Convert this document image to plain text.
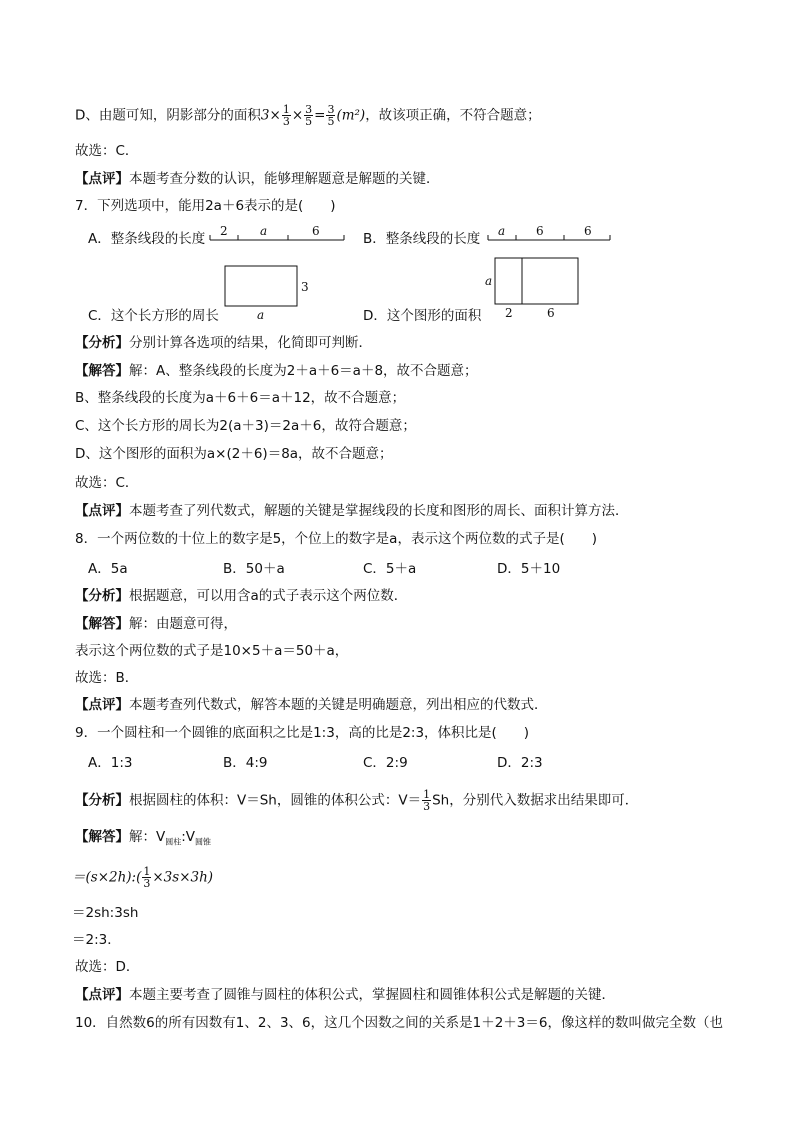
D、由题可知，阴影部分的面积$3\times \frac{1}{3} \times \frac{3}{5} = \frac{3}{5} (m^2)$，故该项正确，不符合题意；
故选：C．
【点评】本题考查分数的认识，能够理解题意是解题的关键．
7．下列选项中，能用2a＋6表示的是(　　)
A．整条线段的长度 2	a	6	B．整条线段的长度 a	6	6
3
a
C．这个长方形的周长
a
2	6
D．这个图形的面积
【分析】分别计算各选项的结果，化简即可判断．
【解答】解：A、整条线段的长度为2＋a＋6＝a＋8，故不合题意；
B、整条线段的长度为a＋6＋6＝a＋12，故不合题意；
C、这个长方形的周长为2(a＋3)＝2a＋6，故符合题意；
D、这个图形的面积为a×(2＋6)＝8a，故不合题意；
故选：C．
【点评】本题考查了列代数式，解题的关键是掌握线段的长度和图形的周长、面积计算方法．
8．一个两位数的十位上的数字是5，个位上的数字是a，表示这个两位数的式子是(　　)
A．5a	B．50＋a	C．5＋a	D．5＋10
【分析】根据题意，可以用含a的式子表示这个两位数．
【解答】解：由题意可得，
表示这个两位数的式子是10×5＋a＝50＋a，
故选：B．
【点评】本题考查列代数式，解答本题的关键是明确题意，列出相应的代数式．
9．一个圆柱和一个圆锥的底面积之比是1:3，高的比是2:3，体积比是(　　)
A．1:3	B．4:9	C．2:9	D．2:3
【分析】根据圆柱的体积：V＝Sh，圆锥的体积公式：$V= \frac{1}{3}$ Sh，分别代入数据求出结果即可．
【解答】解：$V_{圆柱}:V_{圆锥}$
＝(s×2h):( $\frac{1}{3} \times 3s\times 3h$)
＝2sh:3sh
＝2:3．
故选：D．
【点评】本题主要考查了圆锥与圆柱的体积公式，掌握圆柱和圆锥体积公式是解题的关键．
10．自然数6的所有因数有1、2、3、6，这几个因数之间的关系是1＋2＋3＝6，像这样的数叫做完全数（也
